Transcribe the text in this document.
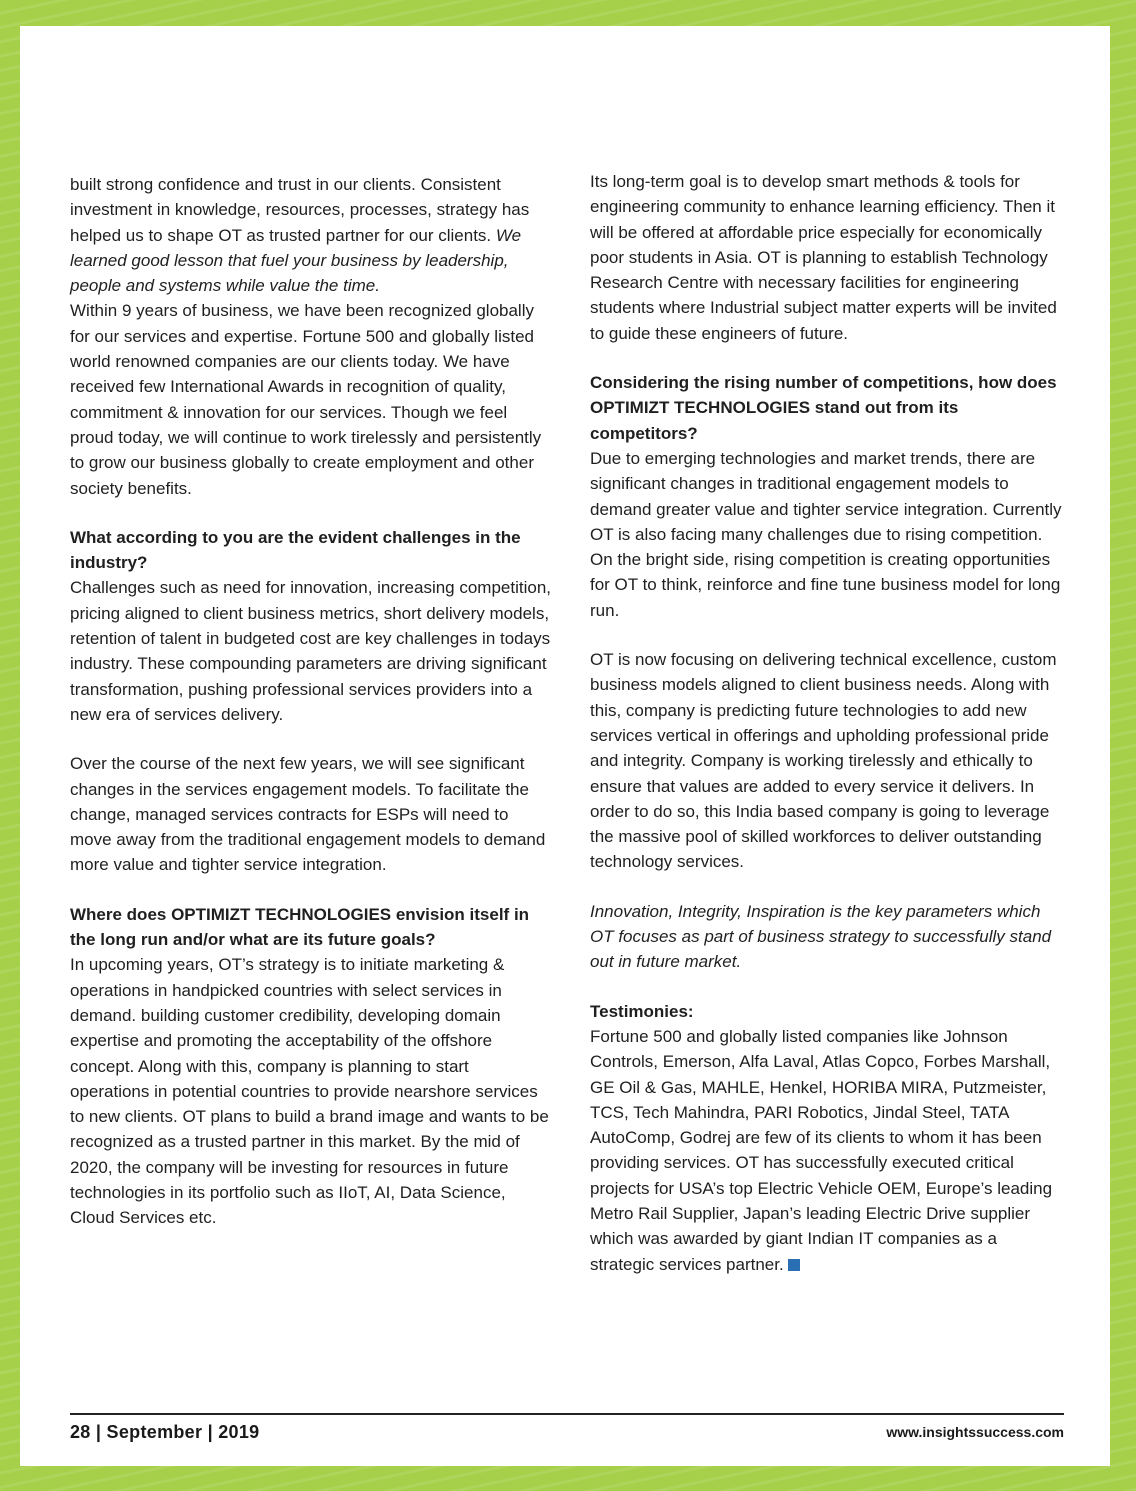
built strong confidence and trust in our clients. Consistent investment in knowledge, resources, processes, strategy has helped us to shape OT as trusted partner for our clients. We learned good lesson that fuel your business by leadership, people and systems while value the time.

Within 9 years of business, we have been recognized globally for our services and expertise. Fortune 500 and globally listed world renowned companies are our clients today. We have received few International Awards in recognition of quality, commitment & innovation for our services. Though we feel proud today, we will continue to work tirelessly and persistently to grow our business globally to create employment and other society benefits.

What according to you are the evident challenges in the industry?

Challenges such as need for innovation, increasing competition, pricing aligned to client business metrics, short delivery models, retention of talent in budgeted cost are key challenges in todays industry. These compounding parameters are driving significant transformation, pushing professional services providers into a new era of services delivery.

Over the course of the next few years, we will see significant changes in the services engagement models. To facilitate the change, managed services contracts for ESPs will need to move away from the traditional engagement models to demand more value and tighter service integration.

Where does OPTIMIZT TECHNOLOGIES envision itself in the long run and/or what are its future goals?

In upcoming years, OT’s strategy is to initiate marketing & operations in handpicked countries with select services in demand. building customer credibility, developing domain expertise and promoting the acceptability of the offshore concept. Along with this, company is planning to start operations in potential countries to provide nearshore services to new clients. OT plans to build a brand image and wants to be recognized as a trusted partner in this market. By the mid of 2020, the company will be investing for resources in future technologies in its portfolio such as IIoT, AI, Data Science, Cloud Services etc.

Its long-term goal is to develop smart methods & tools for engineering community to enhance learning efficiency. Then it will be offered at affordable price especially for economically poor students in Asia. OT is planning to establish Technology Research Centre with necessary facilities for engineering students where Industrial subject matter experts will be invited to guide these engineers of future.

Considering the rising number of competitions, how does OPTIMIZT TECHNOLOGIES stand out from its competitors?

Due to emerging technologies and market trends, there are significant changes in traditional engagement models to demand greater value and tighter service integration. Currently OT is also facing many challenges due to rising competition. On the bright side, rising competition is creating opportunities for OT to think, reinforce and fine tune business model for long run.

OT is now focusing on delivering technical excellence, custom business models aligned to client business needs. Along with this, company is predicting future technologies to add new services vertical in offerings and upholding professional pride and integrity. Company is working tirelessly and ethically to ensure that values are added to every service it delivers. In order to do so, this India based company is going to leverage the massive pool of skilled workforces to deliver outstanding technology services.

Innovation, Integrity, Inspiration is the key parameters which OT focuses as part of business strategy to successfully stand out in future market.

Testimonies:

Fortune 500 and globally listed companies like Johnson Controls, Emerson, Alfa Laval, Atlas Copco, Forbes Marshall, GE Oil & Gas, MAHLE, Henkel, HORIBA MIRA, Putzmeister, TCS, Tech Mahindra, PARI Robotics, Jindal Steel, TATA AutoComp, Godrej are few of its clients to whom it has been providing services. OT has successfully executed critical projects for USA’s top Electric Vehicle OEM, Europe’s leading Metro Rail Supplier, Japan’s leading Electric Drive supplier which was awarded by giant Indian IT companies as a strategic services partner.

28 | September | 2019	www.insightssuccess.com
